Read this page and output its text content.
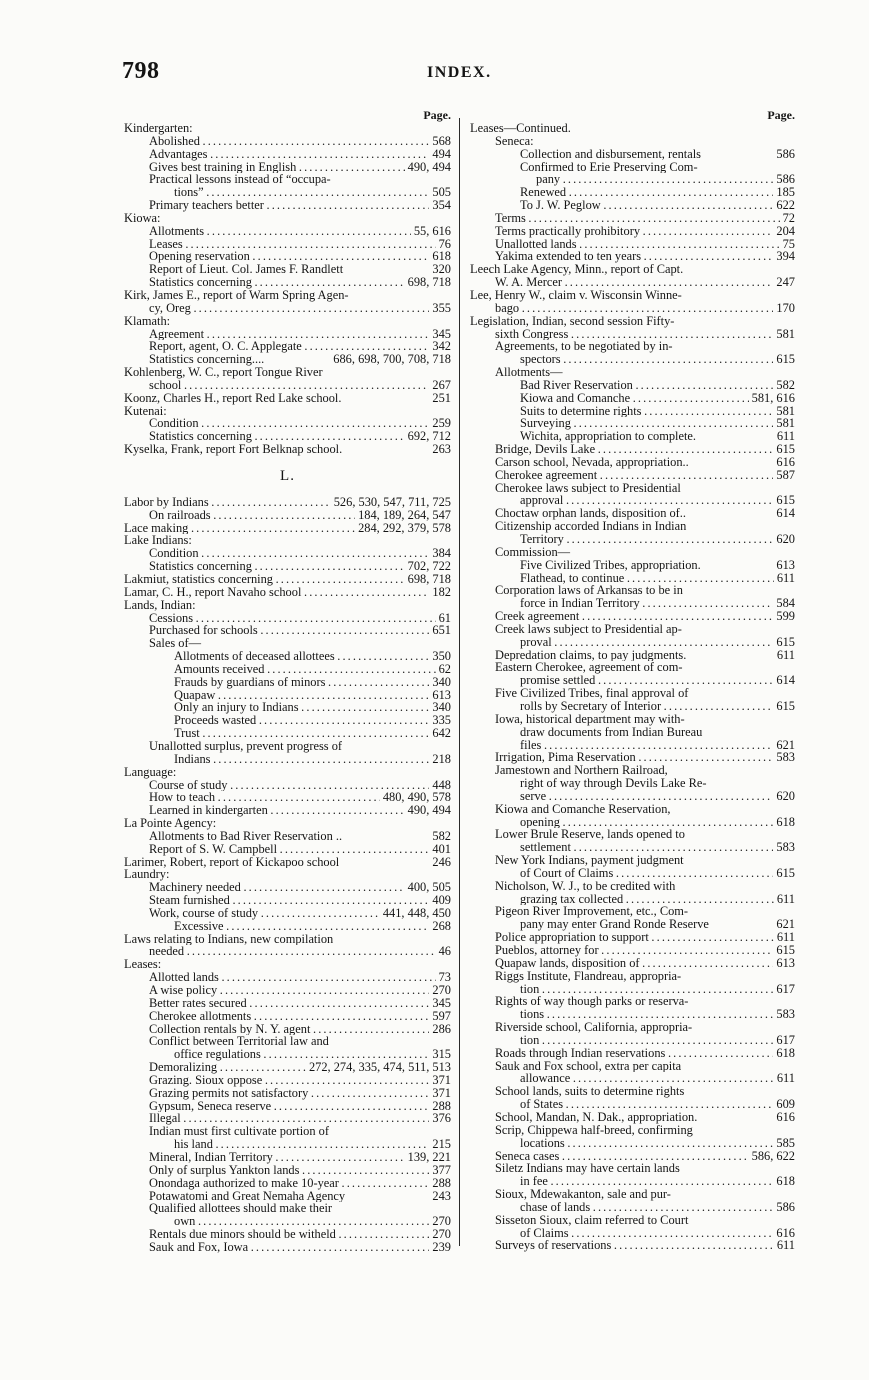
798	INDEX.
Page.
Kindergarten:
Abolished . . .	568
Advantages . . .	494
Gives best training in English . . .	490, 494
Practical lessons instead of “occupa-
tions” . . .	505
Primary teachers better . . .	354
Kiowa:
Allotments . . .	55, 616
Leases . . .	76
Opening reservation . . .	618
Report of Lieut. Col. James F. Randlett	320
Statistics concerning . . .	698, 718
Kirk, James E., report of Warm Spring Agen-
cy, Oreg . . .	355
Klamath:
Agreement . . .	345
Report, agent, O. C. Applegate . . .	342
Statistics concerning....	686, 698, 700, 708, 718
Kohlenberg, W. C., report Tongue River
school . . .	267
Koonz, Charles H., report Red Lake school.	251
Kutenai:
Condition . . .	259
Statistics concerning . . .	692, 712
Kyselka, Frank, report Fort Belknap school.	263
L.
Labor by Indians . . .	526, 530, 547, 711, 725
On railroads . . .	184, 189, 264, 547
Lace making . . .	284, 292, 379, 578
Lake Indians:
Condition . . .	384
Statistics concerning . . .	702, 722
Lakmiut, statistics concerning . . .	698, 718
Lamar, C. H., report Navaho school . . .	182
Lands, Indian:
Cessions . . .	61
Purchased for schools . . .	651
Sales of—
Allotments of deceased allottees . . .	350
Amounts received . . .	62
Frauds by guardians of minors . . .	340
Quapaw . . .	613
Only an injury to Indians . . .	340
Proceeds wasted . . .	335
Trust . . .	642
Unallotted surplus, prevent progress of
Indians . . .	218
Language:
Course of study . . .	448
How to teach . . .	480, 490, 578
Learned in kindergarten . . .	490, 494
La Pointe Agency:
Allotments to Bad River Reservation ..	582
Report of S. W. Campbell . . .	401
Larimer, Robert, report of Kickapoo school	246
Laundry:
Machinery needed . . .	400, 505
Steam furnished . . .	409
Work, course of study . . .	441, 448, 450
Excessive . . .	268
Laws relating to Indians, new compilation
needed . . .	46
Leases:
Allotted lands . . .	73
A wise policy . . .	270
Better rates secured . . .	345
Cherokee allotments . . .	597
Collection rentals by N. Y. agent . . .	286
Conflict between Territorial law and
office regulations . . .	315
Demoralizing . . .	272, 274, 335, 474, 511, 513
Grazing. Sioux oppose . . .	371
Grazing permits not satisfactory . . .	371
Gypsum, Seneca reserve . . .	288
Illegal . . .	376
Indian must first cultivate portion of
his land . . .	215
Mineral, Indian Territory . . .	139, 221
Only of surplus Yankton lands . . .	377
Onondaga authorized to make 10-year . . .	288
Potawatomi and Great Nemaha Agency	243
Qualified allottees should make their
own . . .	270
Rentals due minors should be witheld . . .	270
Sauk and Fox, Iowa . . .	239
Page.
Leases—Continued.
Seneca:
Collection and disbursement, rentals	586
Confirmed to Erie Preserving Com-
pany . . .	586
Renewed . . .	185
To J. W. Peglow . . .	622
Terms . . .	72
Terms practically prohibitory . . .	204
Unallotted lands . . .	75
Yakima extended to ten years . . .	394
Leech Lake Agency, Minn., report of Capt.
W. A. Mercer . . .	247
Lee, Henry W., claim v. Wisconsin Winne-
bago . . .	170
Legislation, Indian, second session Fifty-
sixth Congress . . .	581
Agreements, to be negotiated by in-
spectors . . .	615
Allotments—
Bad River Reservation . . .	582
Kiowa and Comanche . . .	581, 616
Suits to determine rights . . .	581
Surveying . . .	581
Wichita, appropriation to complete.	611
Bridge, Devils Lake . . .	615
Carson school, Nevada, appropriation..	616
Cherokee agreement . . .	587
Cherokee laws subject to Presidential
approval . . .	615
Choctaw orphan lands, disposition of..	614
Citizenship accorded Indians in Indian
Territory . . .	620
Commission—
Five Civilized Tribes, appropriation.	613
Flathead, to continue . . .	611
Corporation laws of Arkansas to be in
force in Indian Territory . . .	584
Creek agreement . . .	599
Creek laws subject to Presidential ap-
proval . . .	615
Depredation claims, to pay judgments.	611
Eastern Cherokee, agreement of com-
promise settled . . .	614
Five Civilized Tribes, final approval of
rolls by Secretary of Interior . . .	615
Iowa, historical department may with-
draw documents from Indian Bureau
files . . .	621
Irrigation, Pima Reservation . . .	583
Jamestown and Northern Railroad,
right of way through Devils Lake Re-
serve . . .	620
Kiowa and Comanche Reservation,
opening . . .	618
Lower Brule Reserve, lands opened to
settlement . . .	583
New York Indians, payment judgment
of Court of Claims . . .	615
Nicholson, W. J., to be credited with
grazing tax collected . . .	611
Pigeon River Improvement, etc., Com-
pany may enter Grand Ronde Reserve	621
Police appropriation to support . . .	611
Pueblos, attorney for . . .	615
Quapaw lands, disposition of . . .	613
Riggs Institute, Flandreau, appropria-
tion . . .	617
Rights of way though parks or reserva-
tions . . .	583
Riverside school, California, appropria-
tion . . .	617
Roads through Indian reservations . . .	618
Sauk and Fox school, extra per capita
allowance . . .	611
School lands, suits to determine rights
of States . . .	609
School, Mandan, N. Dak., appropriation.	616
Scrip, Chippewa half-breed, confirming
locations . . .	585
Seneca cases . . .	586, 622
Siletz Indians may have certain lands
in fee . . .	618
Sioux, Mdewakanton, sale and pur-
chase of lands . . .	586
Sisseton Sioux, claim referred to Court
of Claims . . .	616
Surveys of reservations . . .	611
